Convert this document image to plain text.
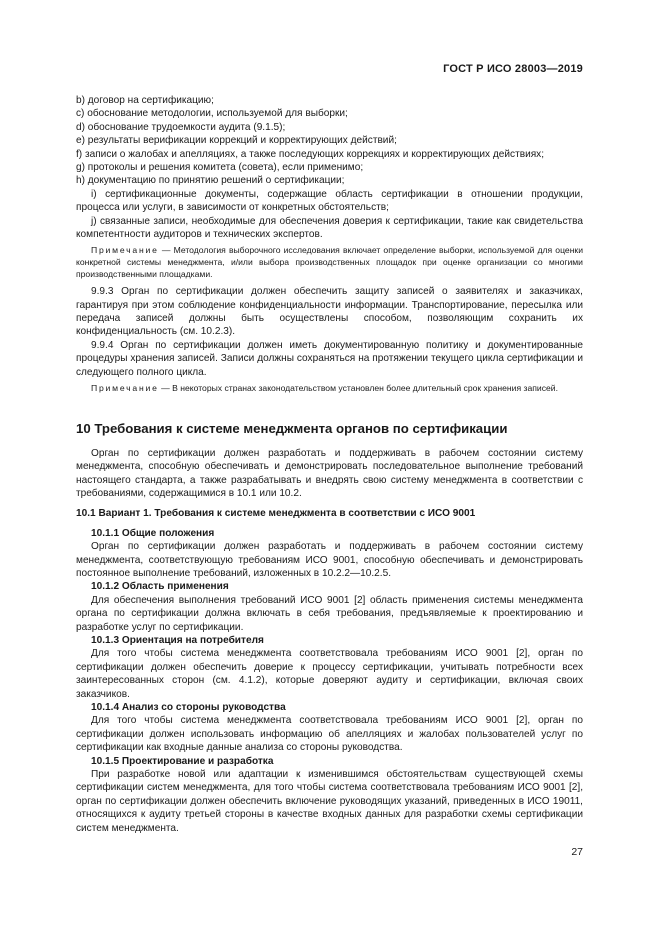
ГОСТ Р ИСО 28003—2019

b) договор на сертификацию;

c) обоснование методологии, используемой для выборки;

d) обоснование трудоемкости аудита (9.1.5);

e) результаты верификации коррекций и корректирующих действий;

f) записи о жалобах и апелляциях, а также последующих коррекциях и корректирующих действиях;

g) протоколы и решения комитета (совета), если применимо;

h) документацию по принятию решений о сертификации;

i) сертификационные документы, содержащие область сертификации в отношении продукции, процесса или услуги, в зависимости от конкретных обстоятельств;

j) связанные записи, необходимые для обеспечения доверия к сертификации, такие как свидетельства компетентности аудиторов и технических экспертов.

Примечание — Методология выборочного исследования включает определение выборки, используемой для оценки конкретной системы менеджмента, и/или выбора производственных площадок при оценке организации со многими производственными площадками.

9.9.3 Орган по сертификации должен обеспечить защиту записей о заявителях и заказчиках, гарантируя при этом соблюдение конфиденциальности информации. Транспортирование, пересылка или передача записей должны быть осуществлены способом, позволяющим сохранить их конфиденциальность (см. 10.2.3).

9.9.4 Орган по сертификации должен иметь документированную политику и документированные процедуры хранения записей. Записи должны сохраняться на протяжении текущего цикла сертификации и следующего полного цикла.

Примечание — В некоторых странах законодательством установлен более длительный срок хранения записей.

10 Требования к системе менеджмента органов по сертификации

Орган по сертификации должен разработать и поддерживать в рабочем состоянии систему менеджмента, способную обеспечивать и демонстрировать последовательное выполнение требований настоящего стандарта, а также разрабатывать и внедрять свою систему менеджмента в соответствии с требованиями, содержащимися в 10.1 или 10.2.

10.1 Вариант 1. Требования к системе менеджмента в соответствии с ИСО 9001
10.1.1 Общие положения

Орган по сертификации должен разработать и поддерживать в рабочем состоянии систему менеджмента, соответствующую требованиям ИСО 9001, способную обеспечивать и демонстрировать постоянное выполнение требований, изложенных в 10.2.2—10.2.5.

10.1.2 Область применения

Для обеспечения выполнения требований ИСО 9001 [2] область применения системы менеджмента органа по сертификации должна включать в себя требования, предъявляемые к проектированию и разработке услуг по сертификации.

10.1.3 Ориентация на потребителя

Для того чтобы система менеджмента соответствовала требованиям ИСО 9001 [2], орган по сертификации должен обеспечить доверие к процессу сертификации, учитывать потребности всех заинтересованных сторон (см. 4.1.2), которые доверяют аудиту и сертификации, включая своих заказчиков.

10.1.4 Анализ со стороны руководства

Для того чтобы система менеджмента соответствовала требованиям ИСО 9001 [2], орган по сертификации должен использовать информацию об апелляциях и жалобах пользователей услуг по сертификации как входные данные анализа со стороны руководства.

10.1.5 Проектирование и разработка

При разработке новой или адаптации к изменившимся обстоятельствам существующей схемы сертификации систем менеджмента, для того чтобы система соответствовала требованиям ИСО 9001 [2], орган по сертификации должен обеспечить включение руководящих указаний, приведенных в ИСО 19011, относящихся к аудиту третьей стороны в качестве входных данных для разработки схемы сертификации систем менеджмента.

27
